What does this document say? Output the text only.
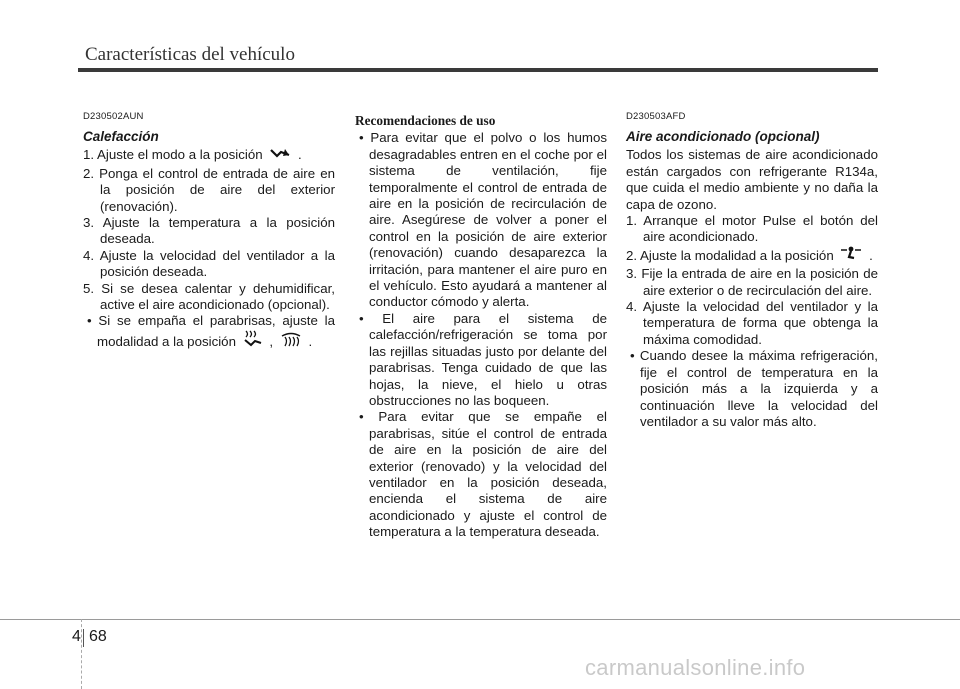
Características del vehículo
D230502AUN
Calefacción
1. Ajuste el modo a la posición  .
2. Ponga el control de entrada de aire en la posición de aire del exterior (renovación).
3. Ajuste la temperatura a la posición deseada.
4. Ajuste la velocidad del ventilador a la posición deseada.
5. Si se desea calentar y dehumidificar, active el aire acondicionado (opcional).
• Si se empaña el parabrisas, ajuste la modalidad a la posición  ,  .
Recomendaciones de uso
• Para evitar que el polvo o los humos desagradables entren en el coche por el sistema de ventilación, fije temporalmente el control de entrada de aire en la posición de recirculación de aire. Asegúrese de volver a poner el control en la posición de aire exterior (renovación) cuando desaparezca la irritación, para mantener el aire puro en el vehículo. Esto ayudará a mantener al conductor cómodo y alerta.
• El aire para el sistema de calefacción/refrigeración se toma por las rejillas situadas justo por delante del parabrisas. Tenga cuidado de que las hojas, la nieve, el hielo u otras obstrucciones no las boqueen.
• Para evitar que se empañe el parabrisas, sitúe el control de entrada de aire en la posición de aire del exterior (renovado) y la velocidad del ventilador en la posición deseada, encienda el sistema de aire acondicionado y ajuste el control de temperatura a la temperatura deseada.
D230503AFD
Aire acondicionado (opcional)
Todos los sistemas de aire acondicionado están cargados con refrigerante R134a, que cuida el medio ambiente y no daña la capa de ozono.
1. Arranque el motor Pulse el botón del aire acondicionado.
2. Ajuste la modalidad a la posición  .
3. Fije la entrada de aire en la posición de aire exterior o de recirculación del aire.
4. Ajuste la velocidad del ventilador y la temperatura de forma que obtenga la máxima comodidad.
• Cuando desee la máxima refrigeración, fije el control de temperatura en la posición más a la izquierda y a continuación lleve la velocidad del ventilador a su valor más alto.
4 68
carmanualsonline.info
